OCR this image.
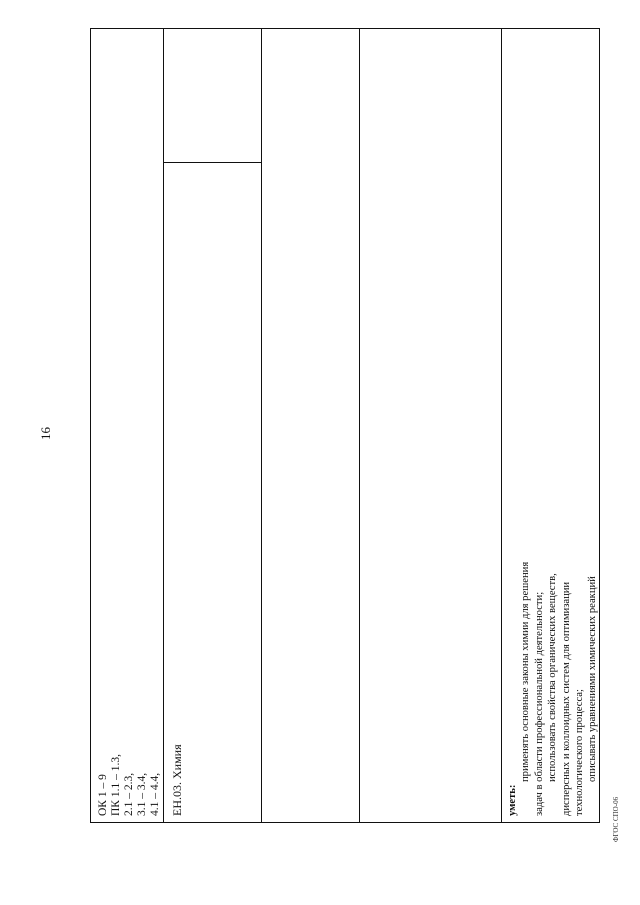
16
ОК 1 – 9 ПК 1.1 – 1.3, 2.1 – 2.3, 3.1 – 3.4, 4.1 – 4.4, ЕН.03. Химия	уметь:
применять основные законы химии для решения задач в области профессиональной деятельности; использовать свойства органических веществ, дисперсных и коллоидных систем для оптимизации технологического процесса; описывать уравнениями химических реакций
ФГОС СПО-06
